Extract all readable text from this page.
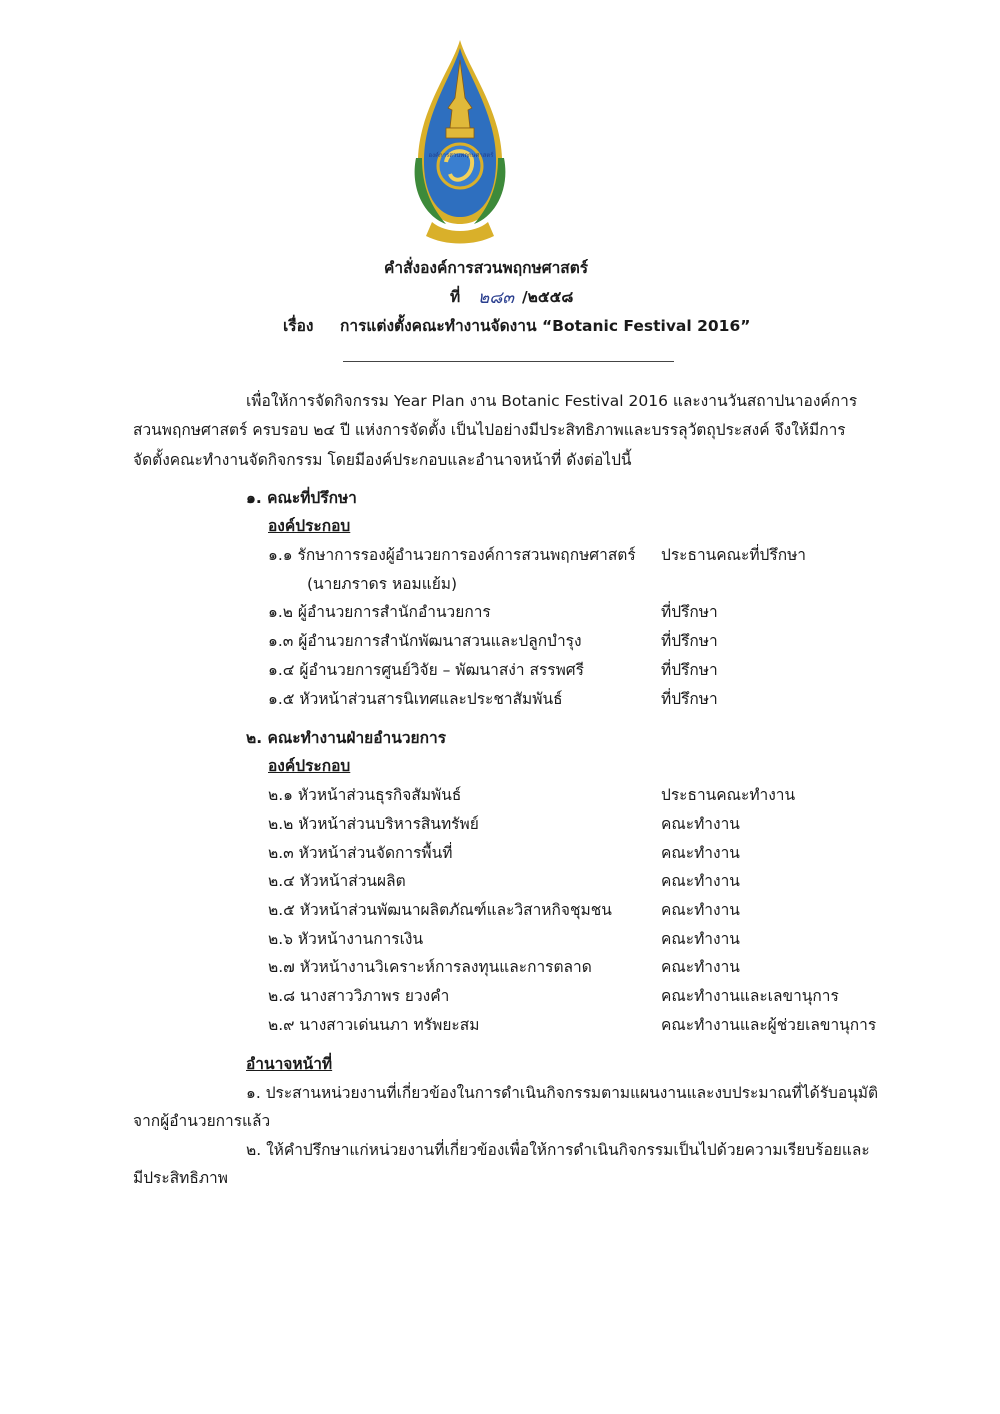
องค์การสวนพฤกษศาสตร์
คำสั่งองค์การสวนพฤกษศาสตร์
ที่ ๒๘๓ /๒๕๕๘
เรื่อง การแต่งตั้งคณะทำงานจัดงาน “Botanic Festival 2016”
เพื่อให้การจัดกิจกรรม Year Plan งาน Botanic Festival 2016 และงานวันสถาปนาองค์การ
สวนพฤกษศาสตร์ ครบรอบ ๒๔ ปี แห่งการจัดตั้ง เป็นไปอย่างมีประสิทธิภาพและบรรลุวัตถุประสงค์ จึงให้มีการ
จัดตั้งคณะทำงานจัดกิจกรรม โดยมีองค์ประกอบและอำนาจหน้าที่ ดังต่อไปนี้
๑. คณะที่ปรึกษา
องค์ประกอบ
๑.๑ รักษาการรองผู้อำนวยการองค์การสวนพฤกษศาสตร์ ประธานคณะที่ปรึกษา
(นายภราดร หอมแย้ม)
๑.๒ ผู้อำนวยการสำนักอำนวยการ	ที่ปรึกษา
๑.๓ ผู้อำนวยการสำนักพัฒนาสวนและปลูกบำรุง	ที่ปรึกษา
๑.๔ ผู้อำนวยการศูนย์วิจัย – พัฒนาสง่า สรรพศรี	ที่ปรึกษา
๑.๕ หัวหน้าส่วนสารนิเทศและประชาสัมพันธ์	ที่ปรึกษา
๒. คณะทำงานฝ่ายอำนวยการ
องค์ประกอบ
๒.๑ หัวหน้าส่วนธุรกิจสัมพันธ์	ประธานคณะทำงาน
๒.๒ หัวหน้าส่วนบริหารสินทรัพย์	คณะทำงาน
๒.๓ หัวหน้าส่วนจัดการพื้นที่	คณะทำงาน
๒.๔ หัวหน้าส่วนผลิต	คณะทำงาน
๒.๕ หัวหน้าส่วนพัฒนาผลิตภัณฑ์และวิสาหกิจชุมชน	คณะทำงาน
๒.๖ หัวหน้างานการเงิน	คณะทำงาน
๒.๗ หัวหน้างานวิเคราะห์การลงทุนและการตลาด	คณะทำงาน
๒.๘ นางสาววิภาพร ยวงคำ	คณะทำงานและเลขานุการ
๒.๙ นางสาวเด่นนภา ทรัพยะสม	คณะทำงานและผู้ช่วยเลขานุการ
อำนาจหน้าที่
๑. ประสานหน่วยงานที่เกี่ยวข้องในการดำเนินกิจกรรมตามแผนงานและงบประมาณที่ได้รับอนุมัติ
จากผู้อำนวยการแล้ว
๒. ให้คำปรึกษาแก่หน่วยงานที่เกี่ยวข้องเพื่อให้การดำเนินกิจกรรมเป็นไปด้วยความเรียบร้อยและ
มีประสิทธิภาพ
